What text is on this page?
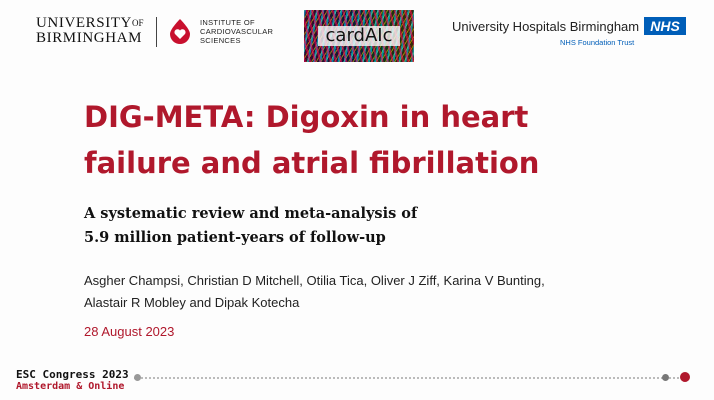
$UNIVERSITY^{OF}$
BIRMINGHAM
INSTITUTE OF
CARDIOVASCULAR
SCIENCES	cardAIc	University Hospitals Birmingham NHS
NHS Foundation Trust
DIG-META: Digoxin in heart
failure and atrial fibrillation
A systematic review and meta-analysis of
5.9 million patient-years of follow-up
Asgher Champsi, Christian D Mitchell, Otilia Tica, Oliver J Ziff, Karina V Bunting,
Alastair R Mobley and Dipak Kotecha
28 August 2023
ESC Congress 2023
Amsterdam & Online
